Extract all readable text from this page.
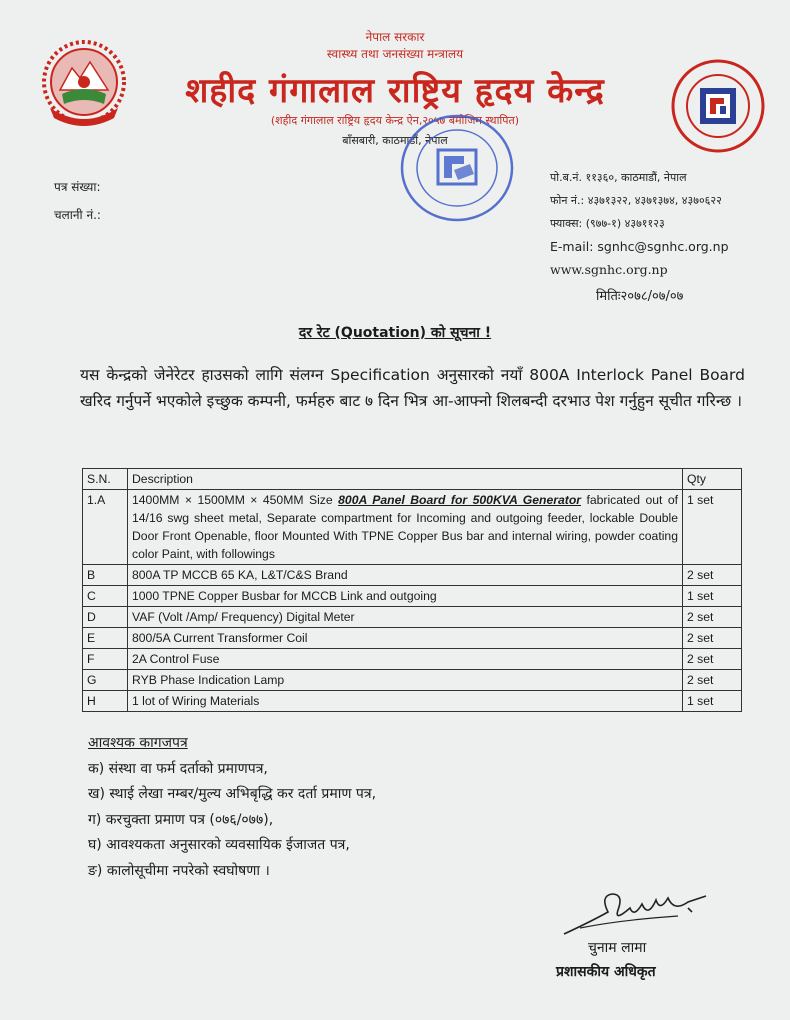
नेपाल सरकार
स्वास्थ्य तथा जनसंख्या मन्त्रालय
शहीद गंगालाल राष्ट्रिय हृदय केन्द्र
(शहीद गंगालाल राष्ट्रिय हृदय केन्द्र ऐन,२०५७ बमोजिम स्थापित)
बाँसबारी, काठमाडौं, नेपाल
पत्र संख्या:
चलानी नं.:
पो.ब.नं. ११३६०, काठमाडौं, नेपाल
फोन नं.: ४३७१३२२, ४३७१३७४, ४३७०६२२
फ्याक्स: (९७७-१) ४३७११२३
E-mail: sgnhc@sgnhc.org.np
www.sgnhc.org.np
मितिः२०७८/०७/०७
दर रेट (Quotation) को सूचना !
यस केन्द्रको जेनेरेटर हाउसको लागि संलग्न Specification अनुसारको नयाँ 800A Interlock Panel Board खरिद गर्नुपर्ने भएकोले इच्छुक कम्पनी, फर्महरु बाट ७ दिन भित्र आ-आफ्नो शिलबन्दी दरभाउ पेश गर्नुहुन सूचीत गरिन्छ ।
S.N.	Description	Qty
1.A	1400MM × 1500MM × 450MM Size 800A Panel Board for 500KVA Generator fabricated out of 14/16 swg sheet metal, Separate compartment for Incoming and outgoing feeder, lockable Double Door Front Openable, floor Mounted With TPNE Copper Bus bar and internal wiring, powder coating color Paint, with followings	1 set
B	800A TP MCCB 65 KA, L&T/C&S Brand	2 set
C	1000 TPNE Copper Busbar for MCCB Link and outgoing	1 set
D	VAF (Volt /Amp/ Frequency) Digital Meter	2 set
E	800/5A Current Transformer Coil	2 set
F	2A Control Fuse	2 set
G	RYB Phase Indication Lamp	2 set
H	1 lot of Wiring Materials	1 set
आवश्यक कागजपत्र
क) संस्था वा फर्म दर्ताको प्रमाणपत्र,
ख) स्थाई लेखा नम्बर/मुल्य अभिबृद्धि कर दर्ता प्रमाण पत्र,
ग) करचुक्ता प्रमाण पत्र (०७६/०७७),
घ) आवश्यकता अनुसारको व्यवसायिक ईजाजत पत्र,
ङ) कालोसूचीमा नपरेको स्वघोषणा ।
चुनाम लामा
प्रशासकीय अधिकृत
